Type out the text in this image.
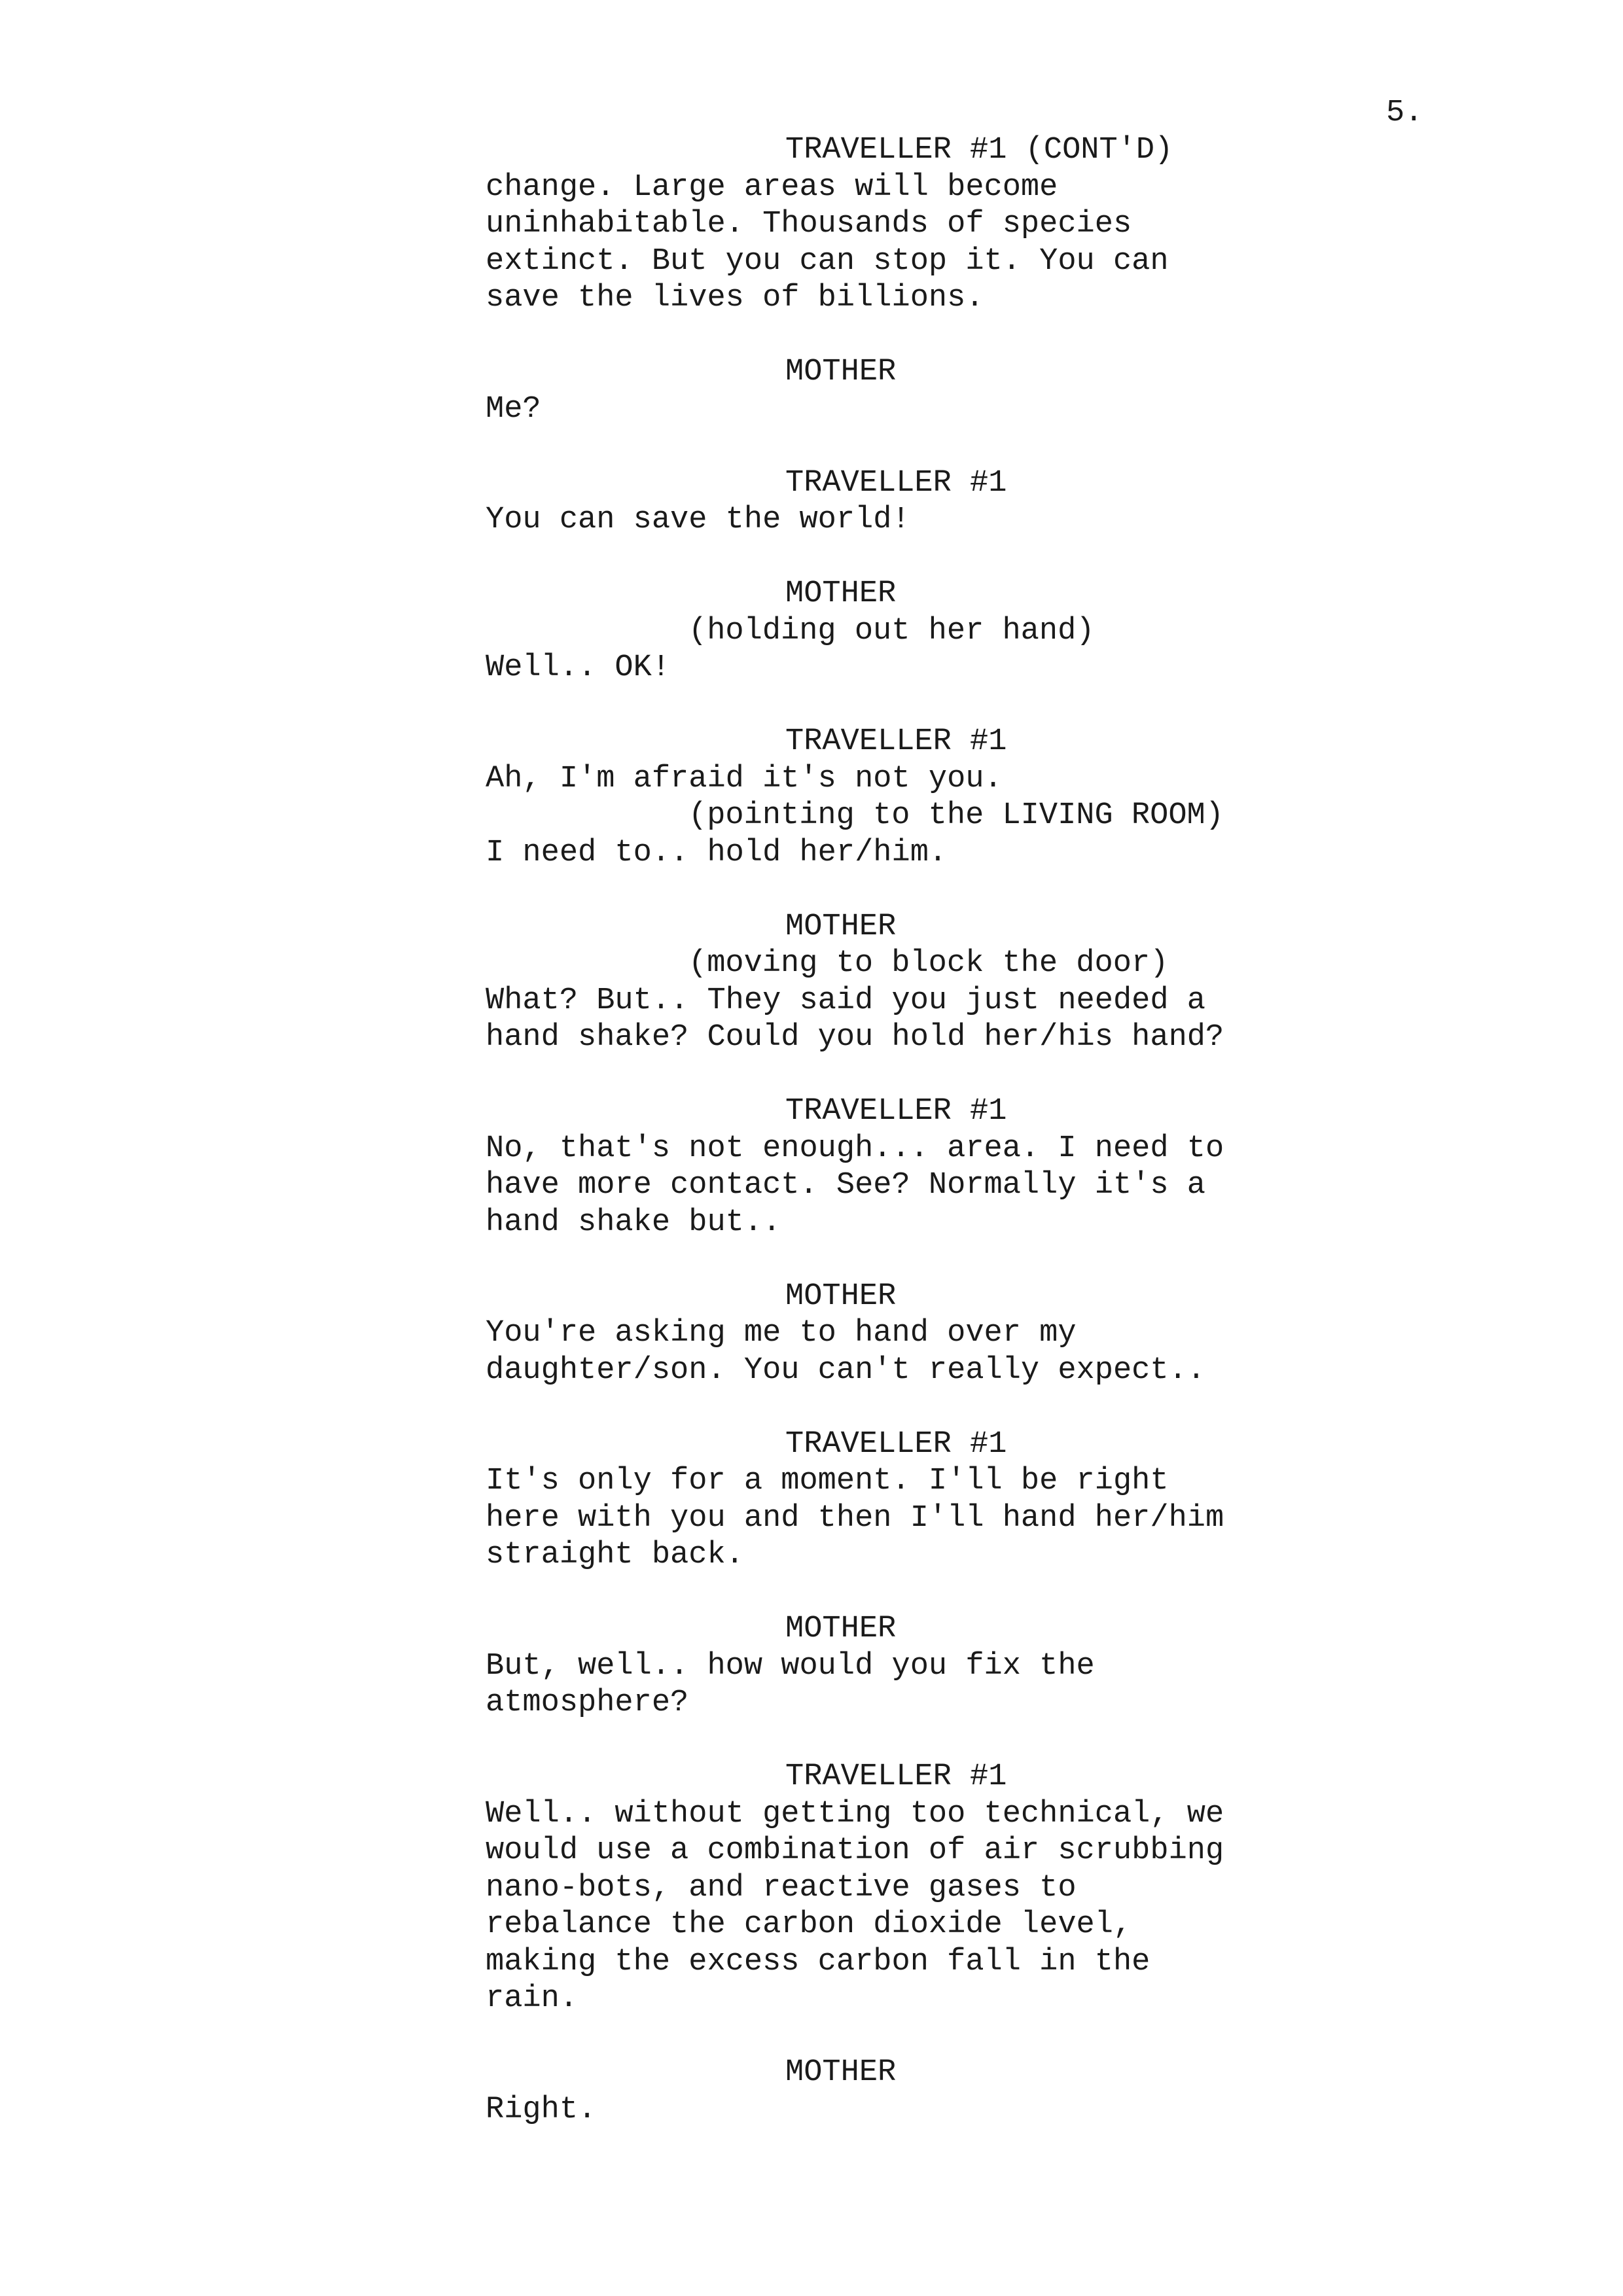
5.
TRAVELLER #1 (CONT'D)
change. Large areas will become
uninhabitable. Thousands of species
extinct. But you can stop it. You can
save the lives of billions.
MOTHER
Me?
TRAVELLER #1
You can save the world!
MOTHER
(holding out her hand)
Well.. OK!
TRAVELLER #1
Ah, I'm afraid it's not you.
(pointing to the LIVING ROOM)
I need to.. hold her/him.
MOTHER
(moving to block the door)
What? But.. They said you just needed a
hand shake? Could you hold her/his hand?
TRAVELLER #1
No, that's not enough... area. I need to
have more contact. See? Normally it's a
hand shake but..
MOTHER
You're asking me to hand over my
daughter/son. You can't really expect..
TRAVELLER #1
It's only for a moment. I'll be right
here with you and then I'll hand her/him
straight back.
MOTHER
But, well.. how would you fix the
atmosphere?
TRAVELLER #1
Well.. without getting too technical, we
would use a combination of air scrubbing
nano-bots, and reactive gases to
rebalance the carbon dioxide level,
making the excess carbon fall in the
rain.
MOTHER
Right.
